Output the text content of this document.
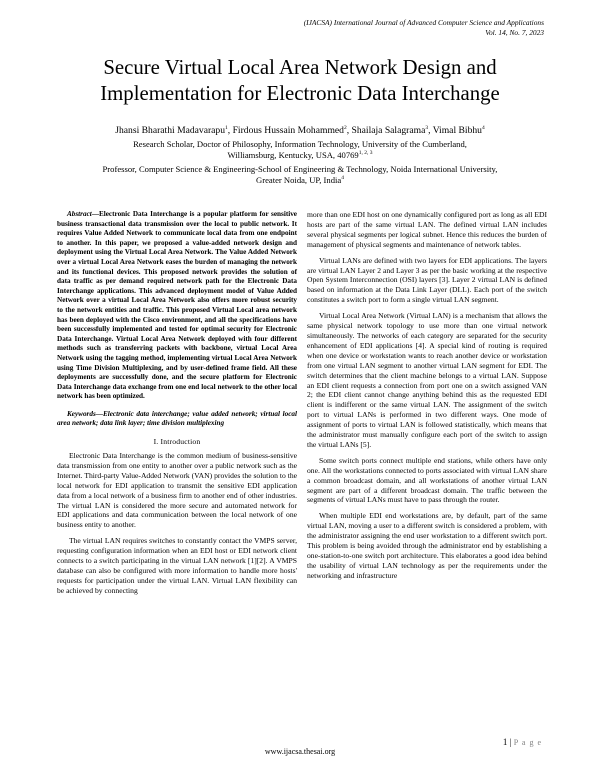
(IJACSA) International Journal of Advanced Computer Science and Applications
Vol. 14, No. 7, 2023
Secure Virtual Local Area Network Design and
Implementation for Electronic Data Interchange
Jhansi Bharathi Madavarapu$^1$, Firdous Hussain Mohammed$^2$, Shailaja Salagrama$^3$, Vimal Bibhu$^4$
Research Scholar, Doctor of Philosophy, Information Technology, University of the Cumberland,
Williamsburg, Kentucky, USA, 40769$^{1, 2, 3}$
Professor, Computer Science & Engineering-School of Engineering & Technology, Noida International University,
Greater Noida, UP, India$^4$

Abstract—Electronic Data Interchange is a popular platform for sensitive business transactional data transmission over the local to public network. It requires Value Added Network to communicate local data from one endpoint to another. In this paper, we proposed a value-added network design and deployment using the Virtual Local Area Network. The Value Added Network over a virtual Local Area Network eases the burden of managing the network and its functional devices. This proposed network provides the solution of data traffic as per demand required network path for the Electronic Data Interchange applications. This advanced deployment model of Value Added Network over a virtual Local Area Network also offers more robust security to the network entities and traffic. This proposed Virtual Local area network has been deployed with the Cisco environment, and all the specifications have been successfully implemented and tested for optimal security for Electronic Data Interchange. Virtual Local Area Network deployed with four different methods such as transferring packets with backbone, virtual Local Area Network using the tagging method, implementing virtual Local Area Network using Time Division Multiplexing, and by user-defined frame field. All these deployments are successfully done, and the secure platform for Electronic Data Interchange data exchange from one end local network to the other local network has been optimized.

Keywords—Electronic data interchange; value added network; virtual local area network; data link layer; time division multiplexing

I. Introduction

Electronic Data Interchange is the common medium of business-sensitive data transmission from one entity to another over a public network such as the Internet. Third-party Value-Added Network (VAN) provides the solution to the local network for EDI application to transmit the sensitive EDI application data from a local network of a business firm to another end of other industries. The virtual LAN is considered the more secure and automated network for EDI applications and data communication between the local network of one business entity to another.

The virtual LAN requires switches to constantly contact the VMPS server, requesting configuration information when an EDI host or EDI network client connects to a switch participating in the virtual LAN network [1][2]. A VMPS database can also be configured with more information to handle more hosts' requests for participation under the virtual LAN. Virtual LAN flexibility can be achieved by connecting

more than one EDI host on one dynamically configured port as long as all EDI hosts are part of the same virtual LAN. The defined virtual LAN includes several physical segments per logical subnet. Hence this reduces the burden of management of physical segments and maintenance of network tables.

Virtual LANs are defined with two layers for EDI applications. The layers are virtual LAN Layer 2 and Layer 3 as per the basic working at the respective Open System Interconnection (OSI) layers [3]. Layer 2 virtual LAN is defined based on information at the Data Link Layer (DLL). Each port of the switch constitutes a switch port to form a single virtual LAN segment.

Virtual Local Area Network (Virtual LAN) is a mechanism that allows the same physical network topology to use more than one virtual network simultaneously. The networks of each category are separated for the security enhancement of EDI applications [4]. A special kind of routing is required when one device or workstation wants to reach another device or workstation from one virtual LAN segment to another virtual LAN segment for EDI. The switch determines that the client machine belongs to a virtual LAN. Suppose an EDI client requests a connection from port one on a switch assigned VAN 2; the EDI client cannot change anything behind this as the requested EDI client is indifferent or the same virtual LAN. The assignment of the switch port to virtual LANs is performed in two different ways. One mode of assignment of ports to virtual LAN is followed statistically, which means that the administrator must manually configure each port of the switch to assign the virtual LANs [5].

Some switch ports connect multiple end stations, while others have only one. All the workstations connected to ports associated with virtual LAN share a common broadcast domain, and all workstations of another virtual LAN segment are part of a different broadcast domain. The traffic between the segments of virtual LANs must have to pass through the router.

When multiple EDI end workstations are, by default, part of the same virtual LAN, moving a user to a different switch is considered a problem, with the administrator assigning the end user workstation to a different switch port. This problem is being avoided through the administrator end by establishing a one-station-to-one switch port architecture. This elaborates a good idea behind the usability of virtual LAN technology as per the requirements under the networking and infrastructure

1 | P a g e
www.ijacsa.thesai.org
